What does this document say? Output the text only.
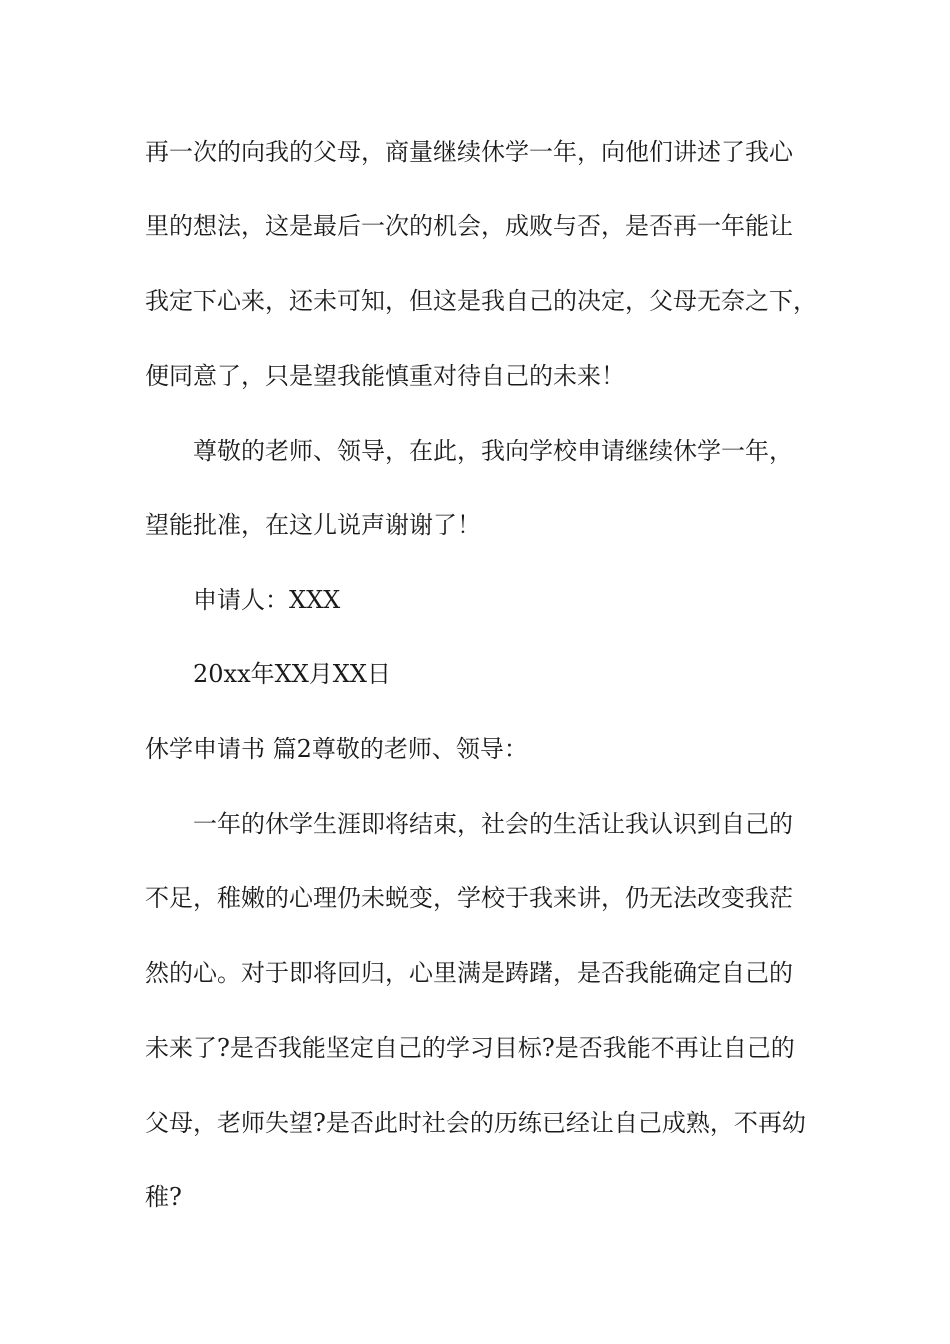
再一次的向我的父母，商量继续休学一年，向他们讲述了我心
里的想法，这是最后一次的机会，成败与否，是否再一年能让
我定下心来，还未可知，但这是我自己的决定，父母无奈之下，
便同意了，只是望我能慎重对待自己的未来！
尊敬的老师、领导，在此，我向学校申请继续休学一年，
望能批准，在这儿说声谢谢了！
申请人：XXX
20xx年XX月XX日
休学申请书 篇2尊敬的老师、领导：
一年的休学生涯即将结束，社会的生活让我认识到自己的
不足，稚嫩的心理仍未蜕变，学校于我来讲，仍无法改变我茫
然的心。对于即将回归，心里满是踌躇，是否我能确定自己的
未来了?是否我能坚定自己的学习目标?是否我能不再让自己的
父母，老师失望?是否此时社会的历练已经让自己成熟，不再幼
稚?
